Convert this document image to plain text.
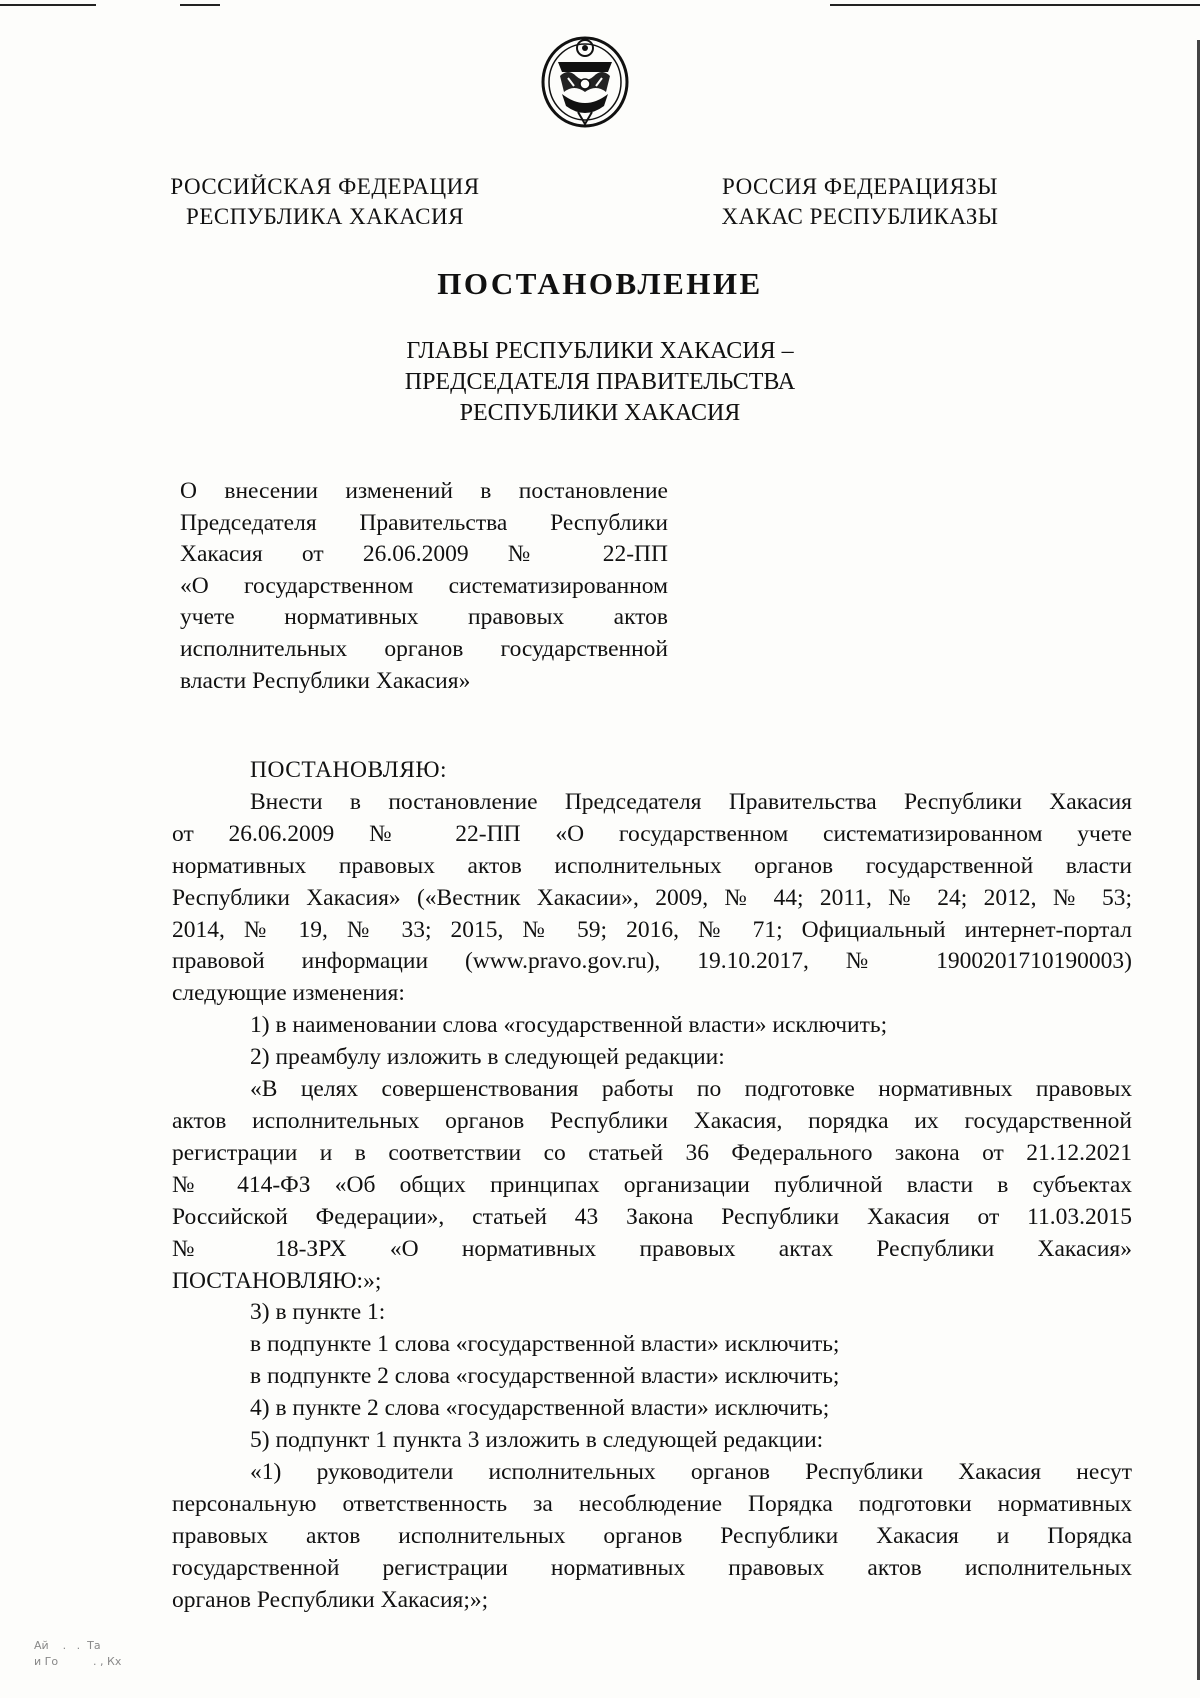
РОССИЙСКАЯ ФЕДЕРАЦИЯ
РЕСПУБЛИКА ХАКАСИЯ
РОССИЯ ФЕДЕРАЦИЯЗЫ
ХАКАС РЕСПУБЛИКАЗЫ
ПОСТАНОВЛЕНИЕ
ГЛАВЫ РЕСПУБЛИКИ ХАКАСИЯ –
ПРЕДСЕДАТЕЛЯ ПРАВИТЕЛЬСТВА
РЕСПУБЛИКИ ХАКАСИЯ
О внесении изменений в постановление
Председателя Правительства Республики
Хакасия от 26.06.2009 № 22-ПП
«О государственном систематизированном
учете нормативных правовых актов
исполнительных органов государственной
власти Республики Хакасия»
ПОСТАНОВЛЯЮ:
Внести в постановление Председателя Правительства Республики Хакасия
от 26.06.2009 № 22-ПП «О государственном систематизированном учете
нормативных правовых актов исполнительных органов государственной власти
Республики Хакасия» («Вестник Хакасии», 2009, № 44; 2011, № 24; 2012, № 53;
2014, № 19, № 33; 2015, № 59; 2016, № 71; Официальный интернет-портал
правовой информации (www.pravo.gov.ru), 19.10.2017, № 1900201710190003)
следующие изменения:
1) в наименовании слова «государственной власти» исключить;
2) преамбулу изложить в следующей редакции:
«В целях совершенствования работы по подготовке нормативных правовых
актов исполнительных органов Республики Хакасия, порядка их государственной
регистрации и в соответствии со статьей 36 Федерального закона от 21.12.2021
№ 414-ФЗ «Об общих принципах организации публичной власти в субъектах
Российской Федерации», статьей 43 Закона Республики Хакасия от 11.03.2015
№ 18-ЗРХ «О нормативных правовых актах Республики Хакасия»
ПОСТАНОВЛЯЮ:»;
3) в пункте 1:
в подпункте 1 слова «государственной власти» исключить;
в подпункте 2 слова «государственной власти» исключить;
4) в пункте 2 слова «государственной власти» исключить;
5) подпункт 1 пункта 3 изложить в следующей редакции:
«1) руководители исполнительных органов Республики Хакасия несут
персональную ответственность за несоблюдение Порядка подготовки нормативных
правовых актов исполнительных органов Республики Хакасия и Порядка
государственной регистрации нормативных правовых актов исполнительных
органов Республики Хакасия;»;
Ай    .   .  Та
и Го          . , Кх
